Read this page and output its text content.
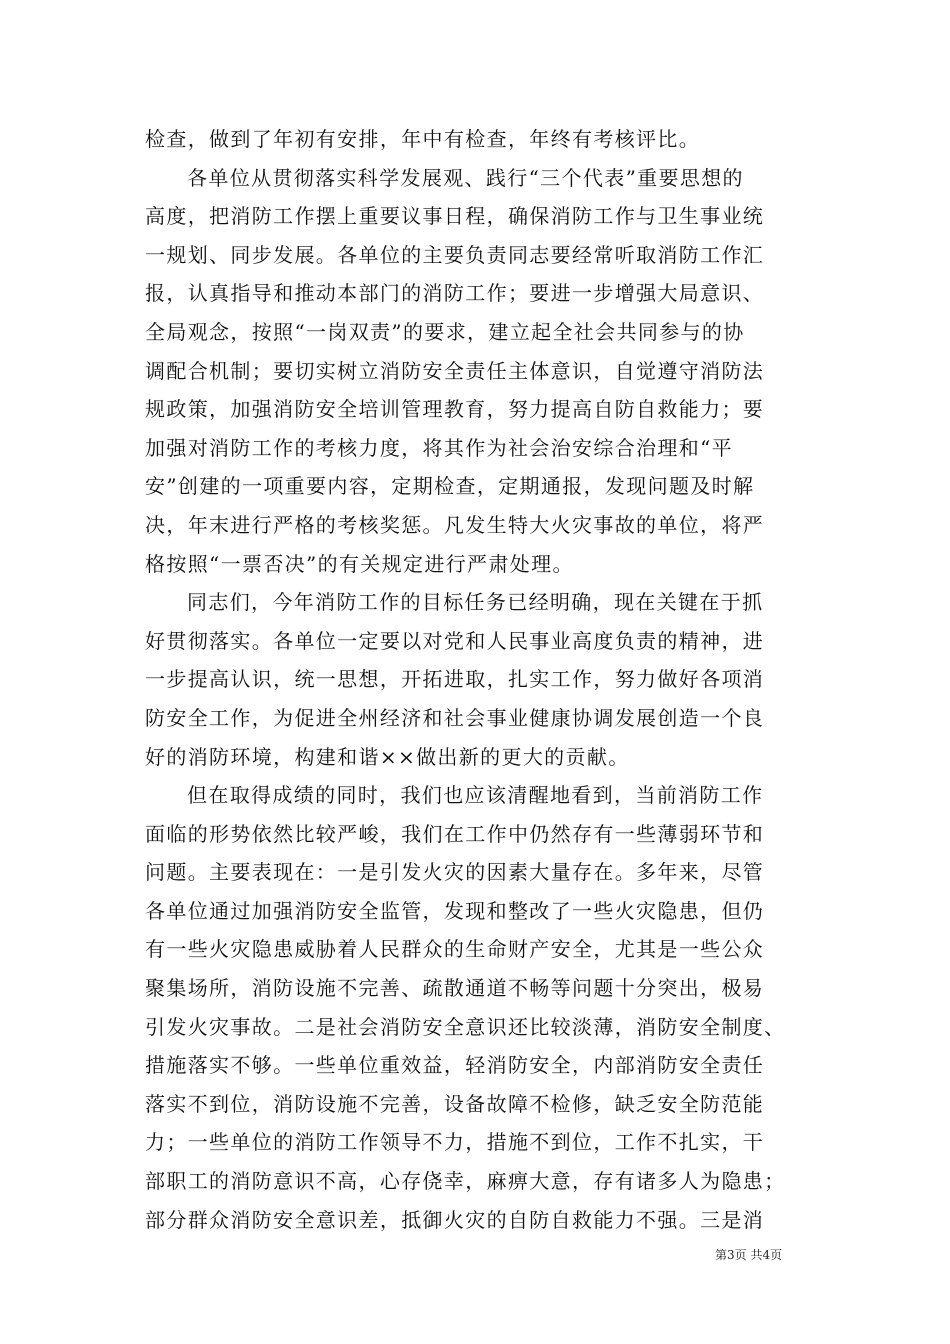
检查，做到了年初有安排，年中有检查，年终有考核评比。
各单位从贯彻落实科学发展观、践行“三个代表”重要思想的
高度，把消防工作摆上重要议事日程，确保消防工作与卫生事业统
一规划、同步发展。各单位的主要负责同志要经常听取消防工作汇
报，认真指导和推动本部门的消防工作；要进一步增强大局意识、
全局观念，按照“一岗双责”的要求，建立起全社会共同参与的协
调配合机制；要切实树立消防安全责任主体意识，自觉遵守消防法
规政策，加强消防安全培训管理教育，努力提高自防自救能力；要
加强对消防工作的考核力度，将其作为社会治安综合治理和“平
安”创建的一项重要内容，定期检查，定期通报，发现问题及时解
决，年末进行严格的考核奖惩。凡发生特大火灾事故的单位，将严
格按照“一票否决”的有关规定进行严肃处理。
同志们，今年消防工作的目标任务已经明确，现在关键在于抓
好贯彻落实。各单位一定要以对党和人民事业高度负责的精神，进
一步提高认识，统一思想，开拓进取，扎实工作，努力做好各项消
防安全工作，为促进全州经济和社会事业健康协调发展创造一个良
好的消防环境，构建和谐××做出新的更大的贡献。
但在取得成绩的同时，我们也应该清醒地看到，当前消防工作
面临的形势依然比较严峻，我们在工作中仍然存有一些薄弱环节和
问题。主要表现在：一是引发火灾的因素大量存在。多年来，尽管
各单位通过加强消防安全监管，发现和整改了一些火灾隐患，但仍
有一些火灾隐患威胁着人民群众的生命财产安全，尤其是一些公众
聚集场所，消防设施不完善、疏散通道不畅等问题十分突出，极易
引发火灾事故。二是社会消防安全意识还比较淡薄，消防安全制度、
措施落实不够。一些单位重效益，轻消防安全，内部消防安全责任
落实不到位，消防设施不完善，设备故障不检修，缺乏安全防范能
力；一些单位的消防工作领导不力，措施不到位，工作不扎实，干
部职工的消防意识不高，心存侥幸，麻痹大意，存有诸多人为隐患；
部分群众消防安全意识差，抵御火灾的自防自救能力不强。三是消
第3页 共4页
